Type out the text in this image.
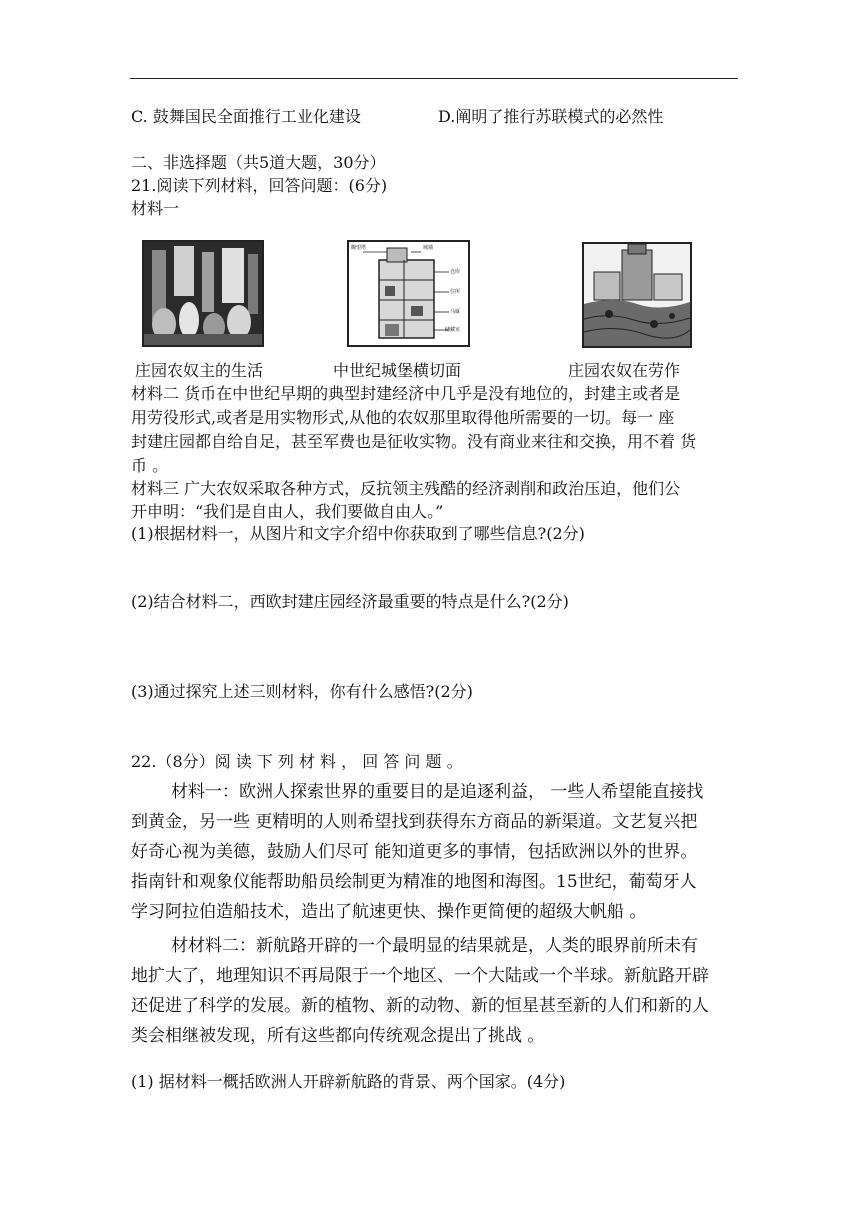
C. 鼓舞国民全面推行工业化建设	D.阐明了推行苏联模式的必然性
二、非选择题（共5道大题，30分）
21.阅读下列材料，回答问题：(6分)
材料一
庄园农奴主的生活
瞭望塔	城墙
仓库
住所
马厩
储藏室
中世纪城堡横切面	庄园农奴在劳作
材料二 货币在中世纪早期的典型封建经济中几乎是没有地位的，封建主或者是
用劳役形式,或者是用实物形式,从他的农奴那里取得他所需要的一切。每一 座
封建庄园都自给自足，甚至军费也是征收实物。没有商业来往和交换，用不着 货
币 。
材料三 广大农奴采取各种方式，反抗领主残酷的经济剥削和政治压迫，他们公
开申明：“我们是自由人，我们要做自由人。”
(1)根据材料一，从图片和文字介绍中你获取到了哪些信息?(2分)
(2)结合材料二，西欧封建庄园经济最重要的特点是什么?(2分)
(3)通过探究上述三则材料，你有什么感悟?(2分)
22.（8分）阅 读 下 列 材 料 ， 回 答 问 题 。
材料一：欧洲人探索世界的重要目的是追逐利益， 一些人希望能直接找
到黄金，另一些 更精明的人则希望找到获得东方商品的新渠道。文艺复兴把
好奇心视为美德，鼓励人们尽可 能知道更多的事情，包括欧洲以外的世界。
指南针和观象仪能帮助船员绘制更为精准的地图和海图。15世纪，葡萄牙人
学习阿拉伯造船技术，造出了航速更快、操作更简便的超级大帆船 。
材材料二：新航路开辟的一个最明显的结果就是，人类的眼界前所未有
地扩大了，地理知识不再局限于一个地区、一个大陆或一个半球。新航路开辟
还促进了科学的发展。新的植物、新的动物、新的恒星甚至新的人们和新的人
类会相继被发现，所有这些都向传统观念提出了挑战 。
(1) 据材料一概括欧洲人开辟新航路的背景、两个国家。(4分)
